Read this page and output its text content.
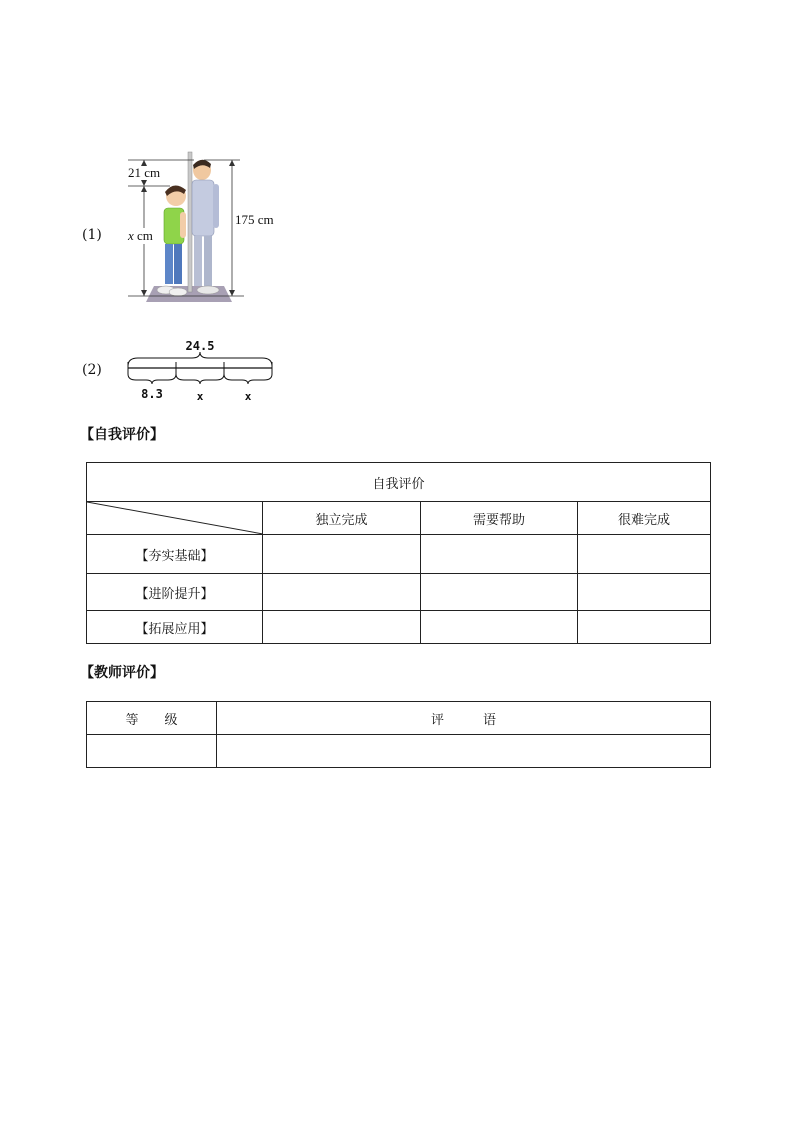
(1)
21 cm
x cm
175 cm
(2)
24.5
8.3	x	x
【自我评价】
自我评价			

	独立完成	需要帮助	很难完成
【夯实基础】			
【进阶提升】			
【拓展应用】			
【教师评价】
等　　级	评　　　语
